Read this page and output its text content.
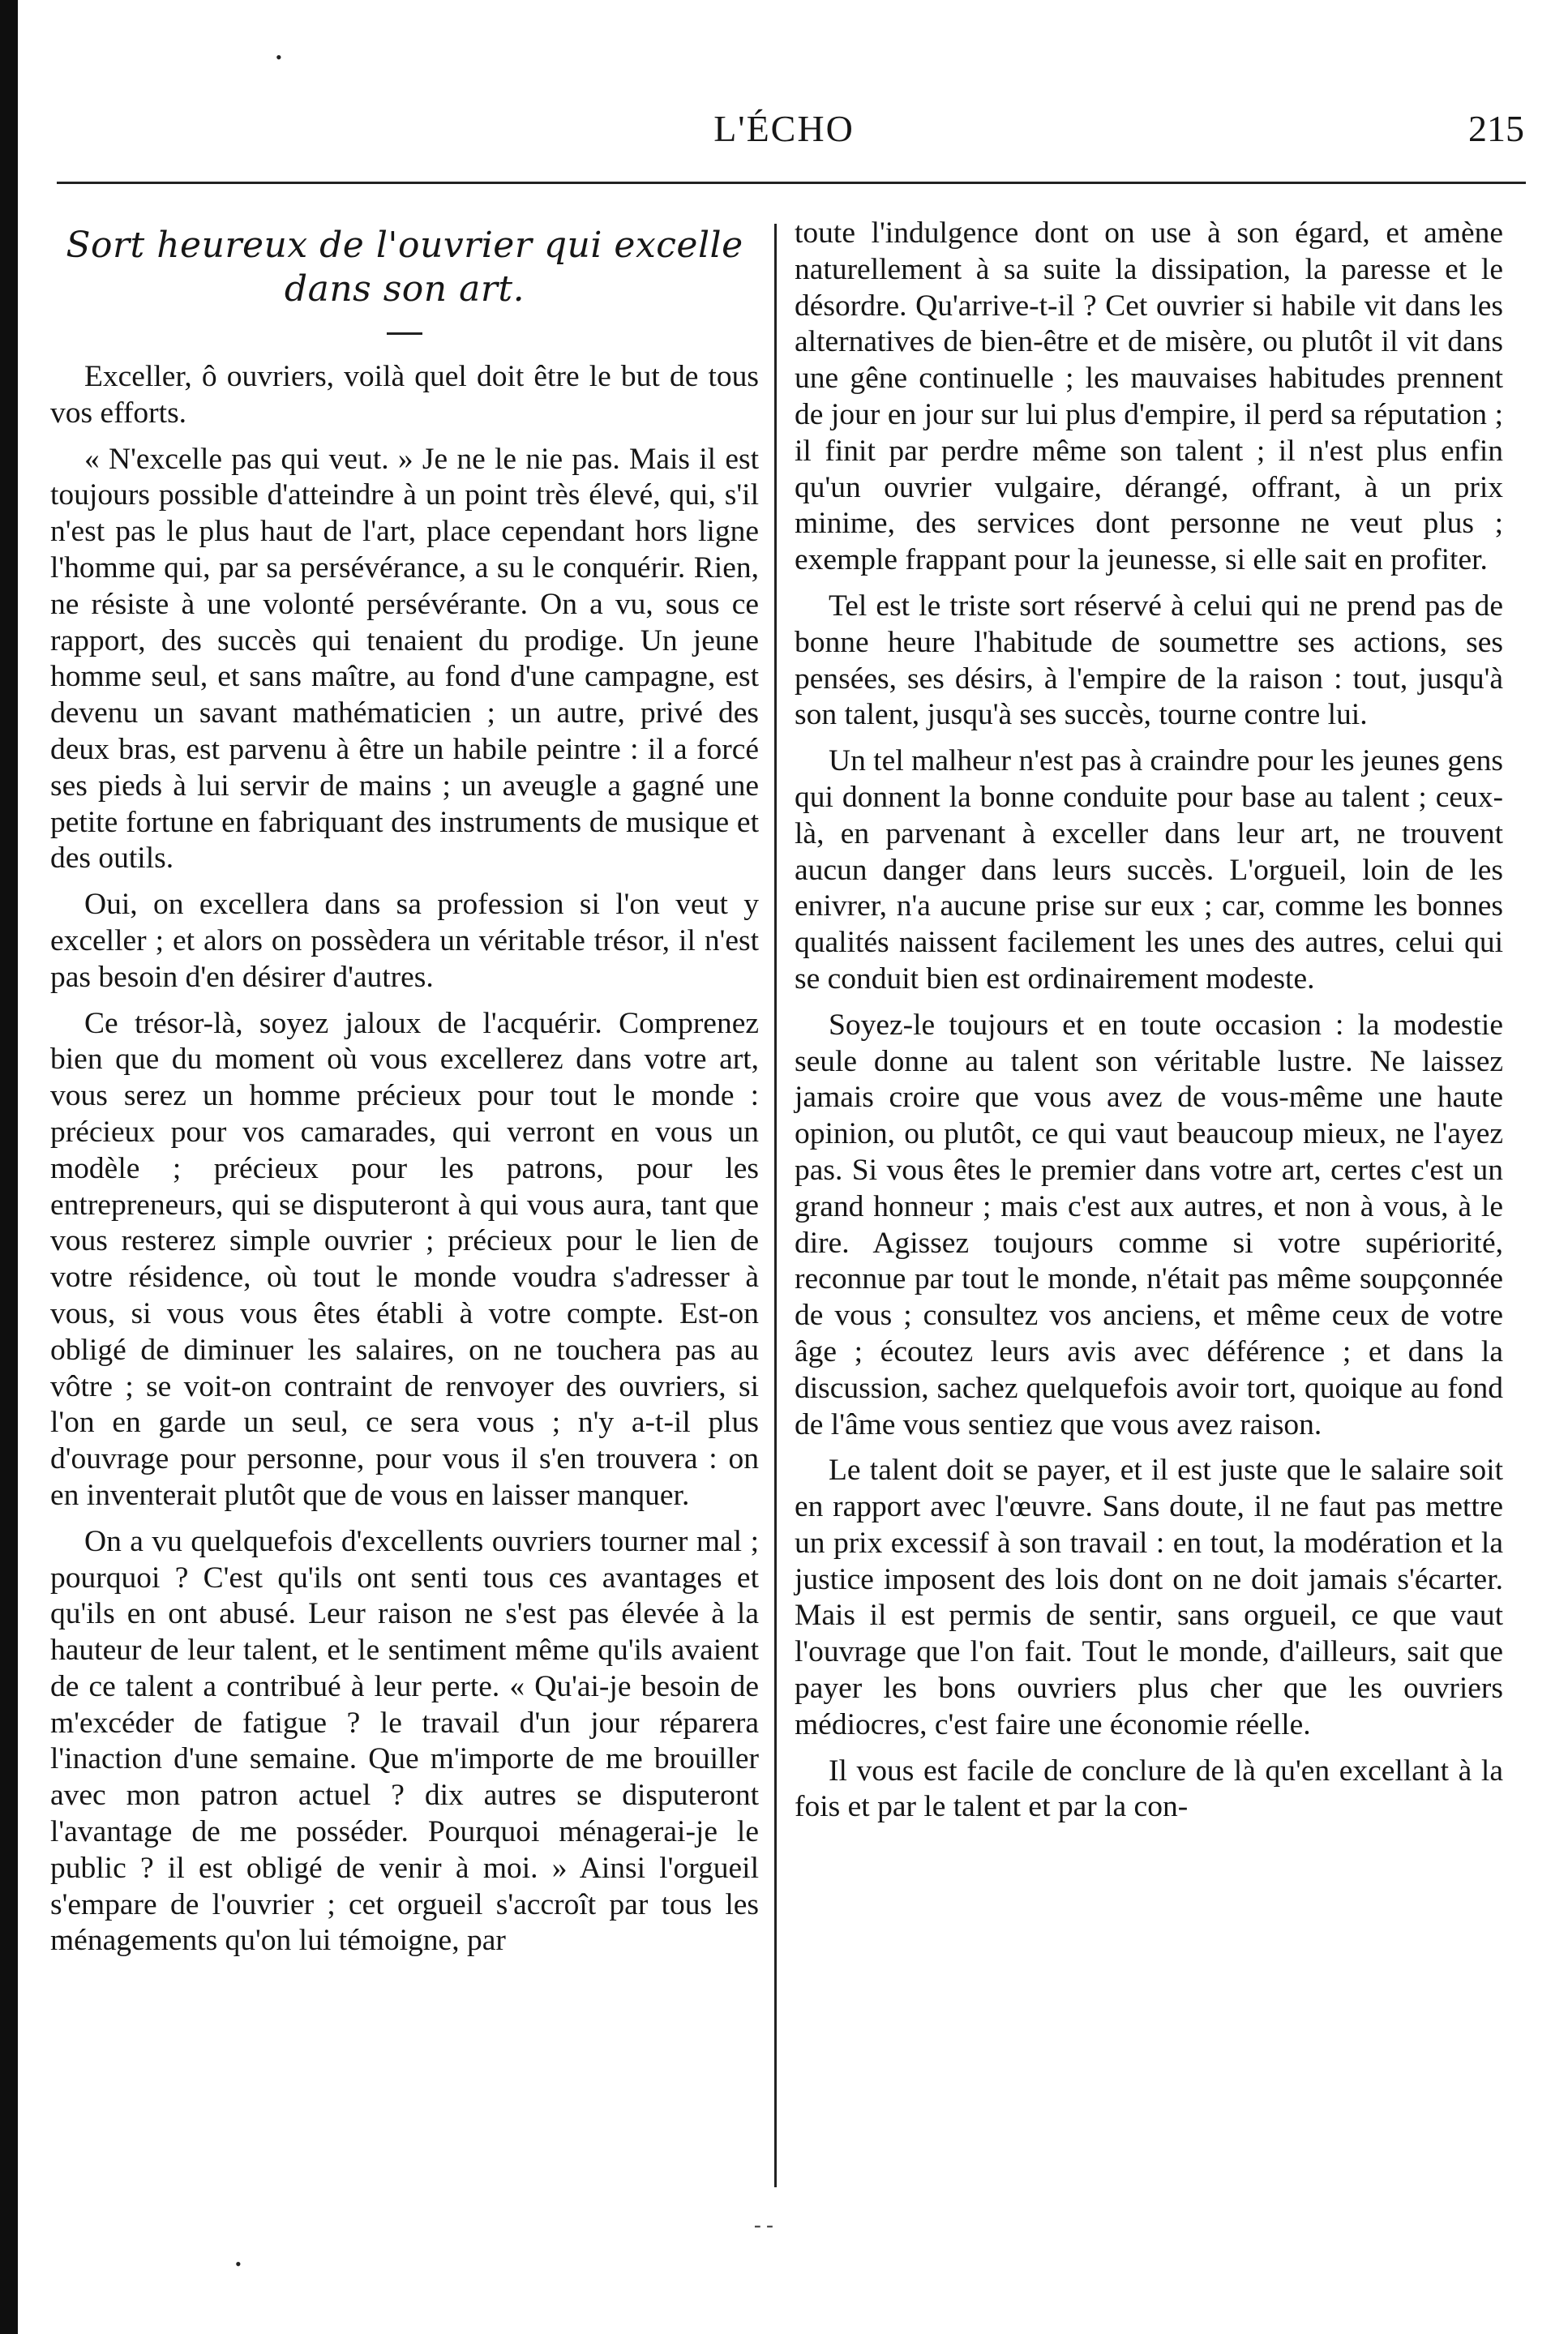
L'ÉCHO	215
Sort heureux de l'ouvrier qui excelle dans son art.

Exceller, ô ouvriers, voilà quel doit être le but de tous vos efforts.

« N'excelle pas qui veut. » Je ne le nie pas. Mais il est toujours possible d'atteindre à un point très élevé, qui, s'il n'est pas le plus haut de l'art, place cependant hors ligne l'homme qui, par sa persévérance, a su le conquérir. Rien, ne résiste à une volonté persévérante. On a vu, sous ce rapport, des succès qui tenaient du prodige. Un jeune homme seul, et sans maître, au fond d'une campagne, est devenu un savant mathématicien ; un autre, privé des deux bras, est parvenu à être un habile peintre : il a forcé ses pieds à lui servir de mains ; un aveugle a gagné une petite fortune en fabriquant des instruments de musique et des outils.

Oui, on excellera dans sa profession si l'on veut y exceller ; et alors on possèdera un véritable trésor, il n'est pas besoin d'en désirer d'autres.

Ce trésor-là, soyez jaloux de l'acquérir. Comprenez bien que du moment où vous excellerez dans votre art, vous serez un homme précieux pour tout le monde : précieux pour vos camarades, qui verront en vous un modèle ; précieux pour les patrons, pour les entrepreneurs, qui se disputeront à qui vous aura, tant que vous resterez simple ouvrier ; précieux pour le lien de votre résidence, où tout le monde voudra s'adresser à vous, si vous vous êtes établi à votre compte. Est-on obligé de diminuer les salaires, on ne touchera pas au vôtre ; se voit-on contraint de renvoyer des ouvriers, si l'on en garde un seul, ce sera vous ; n'y a-t-il plus d'ouvrage pour personne, pour vous il s'en trouvera : on en inventerait plutôt que de vous en laisser manquer.

On a vu quelquefois d'excellents ouvriers tourner mal ; pourquoi ? C'est qu'ils ont senti tous ces avantages et qu'ils en ont abusé. Leur raison ne s'est pas élevée à la hauteur de leur talent, et le sentiment même qu'ils avaient de ce talent a contribué à leur perte. « Qu'ai-je besoin de m'excéder de fatigue ? le travail d'un jour réparera l'inaction d'une semaine. Que m'importe de me brouiller avec mon patron actuel ? dix autres se disputeront l'avantage de me posséder. Pourquoi ménagerai-je le public ? il est obligé de venir à moi. » Ainsi l'orgueil s'empare de l'ouvrier ; cet orgueil s'accroît par tous les ménagements qu'on lui témoigne, par

toute l'indulgence dont on use à son égard, et amène naturellement à sa suite la dissipation, la paresse et le désordre. Qu'arrive-t-il ? Cet ouvrier si habile vit dans les alternatives de bien-être et de misère, ou plutôt il vit dans une gêne continuelle ; les mauvaises habitudes prennent de jour en jour sur lui plus d'empire, il perd sa réputation ; il finit par perdre même son talent ; il n'est plus enfin qu'un ouvrier vulgaire, dérangé, offrant, à un prix minime, des services dont personne ne veut plus ; exemple frappant pour la jeunesse, si elle sait en profiter.

Tel est le triste sort réservé à celui qui ne prend pas de bonne heure l'habitude de soumettre ses actions, ses pensées, ses désirs, à l'empire de la raison : tout, jusqu'à son talent, jusqu'à ses succès, tourne contre lui.

Un tel malheur n'est pas à craindre pour les jeunes gens qui donnent la bonne conduite pour base au talent ; ceux-là, en parvenant à exceller dans leur art, ne trouvent aucun danger dans leurs succès. L'orgueil, loin de les enivrer, n'a aucune prise sur eux ; car, comme les bonnes qualités naissent facilement les unes des autres, celui qui se conduit bien est ordinairement modeste.

Soyez-le toujours et en toute occasion : la modestie seule donne au talent son véritable lustre. Ne laissez jamais croire que vous avez de vous-même une haute opinion, ou plutôt, ce qui vaut beaucoup mieux, ne l'ayez pas. Si vous êtes le premier dans votre art, certes c'est un grand honneur ; mais c'est aux autres, et non à vous, à le dire. Agissez toujours comme si votre supériorité, reconnue par tout le monde, n'était pas même soupçonnée de vous ; consultez vos anciens, et même ceux de votre âge ; écoutez leurs avis avec déférence ; et dans la discussion, sachez quelquefois avoir tort, quoique au fond de l'âme vous sentiez que vous avez raison.

Le talent doit se payer, et il est juste que le salaire soit en rapport avec l'œuvre. Sans doute, il ne faut pas mettre un prix excessif à son travail : en tout, la modération et la justice imposent des lois dont on ne doit jamais s'écarter. Mais il est permis de sentir, sans orgueil, ce que vaut l'ouvrage que l'on fait. Tout le monde, d'ailleurs, sait que payer les bons ouvriers plus cher que les ouvriers médiocres, c'est faire une économie réelle.

Il vous est facile de conclure de là qu'en excellant à la fois et par le talent et par la con-

•
•
- -
